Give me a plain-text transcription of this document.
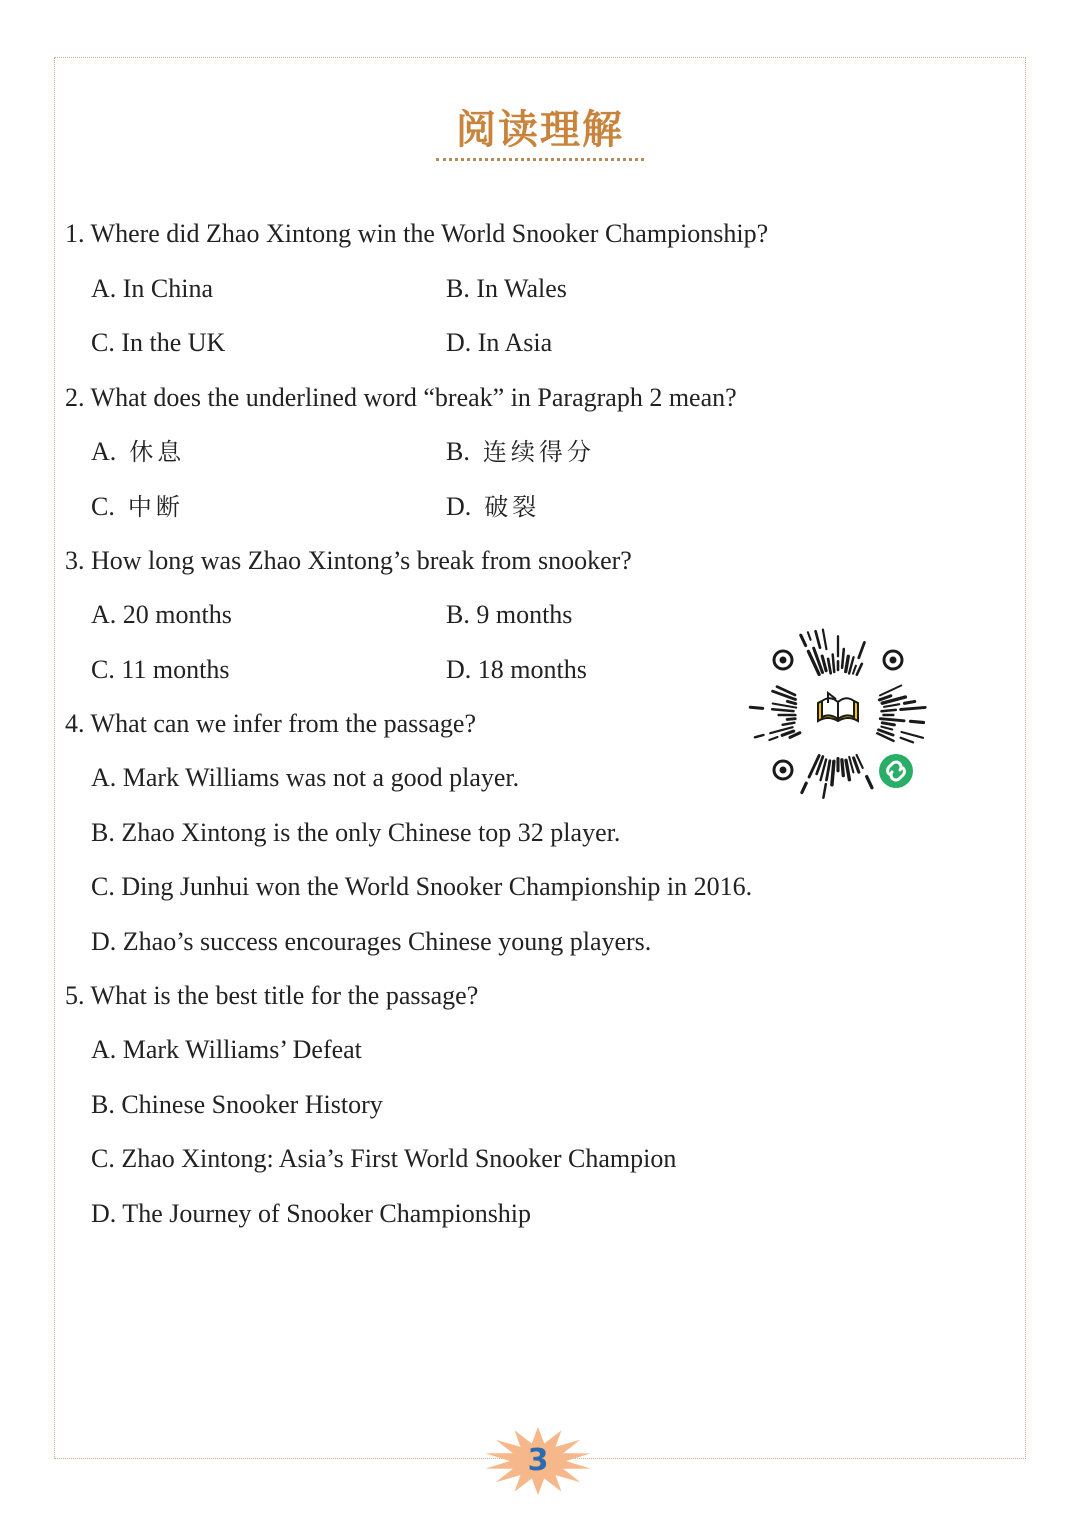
阅读理解

1. Where did Zhao Xintong win the World Snooker Championship?

A. In China	B. In Wales

C. In the UK	D. In Asia

2. What does the underlined word “break” in Paragraph 2 mean?

A. 休息	B. 连续得分

C. 中断	D. 破裂

3. How long was Zhao Xintong’s break from snooker?

A. 20 months	B. 9 months

C. 11 months	D. 18 months

4. What can we infer from the passage?

A. Mark Williams was not a good player.

B. Zhao Xintong is the only Chinese top 32 player.

C. Ding Junhui won the World Snooker Championship in 2016.

D. Zhao’s success encourages Chinese young players.

5. What is the best title for the passage?

A. Mark Williams’ Defeat

B. Chinese Snooker History

C. Zhao Xintong: Asia’s First World Snooker Champion

D. The Journey of Snooker Championship

3
